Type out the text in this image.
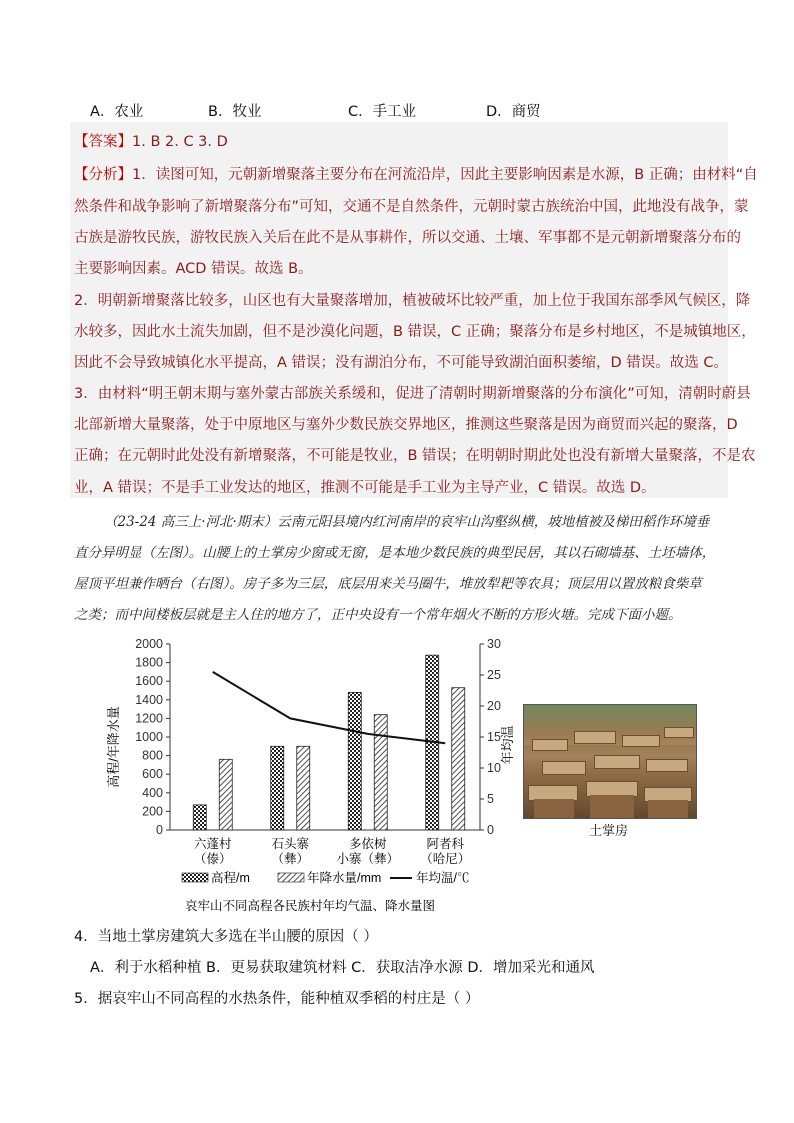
A．农业	B．牧业	C．手工业	D．商贸
【答案】1. B 2. C 3. D
【分析】1．读图可知，元朝新增聚落主要分布在河流沿岸，因此主要影响因素是水源，B 正确；由材料“自
然条件和战争影响了新增聚落分布”可知，交通不是自然条件，元朝时蒙古族统治中国，此地没有战争，蒙
古族是游牧民族，游牧民族入关后在此不是从事耕作，所以交通、土壤、军事都不是元朝新增聚落分布的
主要影响因素。ACD 错误。故选 B。
2．明朝新增聚落比较多，山区也有大量聚落增加，植被破坏比较严重，加上位于我国东部季风气候区，降
水较多，因此水土流失加剧，但不是沙漠化问题，B 错误，C 正确；聚落分布是乡村地区，不是城镇地区，
因此不会导致城镇化水平提高，A 错误；没有湖泊分布，不可能导致湖泊面积萎缩，D 错误。故选 C。
3．由材料“明王朝末期与塞外蒙古部族关系缓和，促进了清朝时期新增聚落的分布演化”可知，清朝时蔚县
北部新增大量聚落，处于中原地区与塞外少数民族交界地区，推测这些聚落是因为商贸而兴起的聚落，D
正确；在元朝时此处没有新增聚落，不可能是牧业，B 错误；在明朝时期此处也没有新增大量聚落，不是农
业，A 错误；不是手工业发达的地区，推测不可能是手工业为主导产业，C 错误。故选 D。
（23-24 高三上·河北·期末）云南元阳县境内红河南岸的哀牢山沟壑纵横，坡地植被及梯田稻作环境垂
直分异明显（左图）。山腰上的土掌房少窗或无窗，是本地少数民族的典型民居，其以石砌墙基、土坯墙体，
屋顶平坦兼作晒台（右图）。房子多为三层，底层用来关马圈牛，堆放犁耙等农具；顶层用以置放粮食柴草
之类；而中间楼板层就是主人住的地方了，正中央设有一个常年烟火不断的方形火塘。完成下面小题。
0
200
400
600
800
1000
1200
1400
1600
1800
2000
0
5
10
15
20
25
30
高程/年降水量	年均温
六蓬村
（傣）
石头寨
（彝）
多依树
小寨（彝）
阿者科
（哈尼）
高程/m	年降水量/mm	年均温/℃
哀牢山不同高程各民族村年均气温、降水量图
土掌房
4．当地土掌房建筑大多选在半山腰的原因（ ）
A．利于水稻种植 B．更易获取建筑材料 C．获取洁净水源 D．增加采光和通风
5．据哀牢山不同高程的水热条件，能种植双季稻的村庄是（ ）
